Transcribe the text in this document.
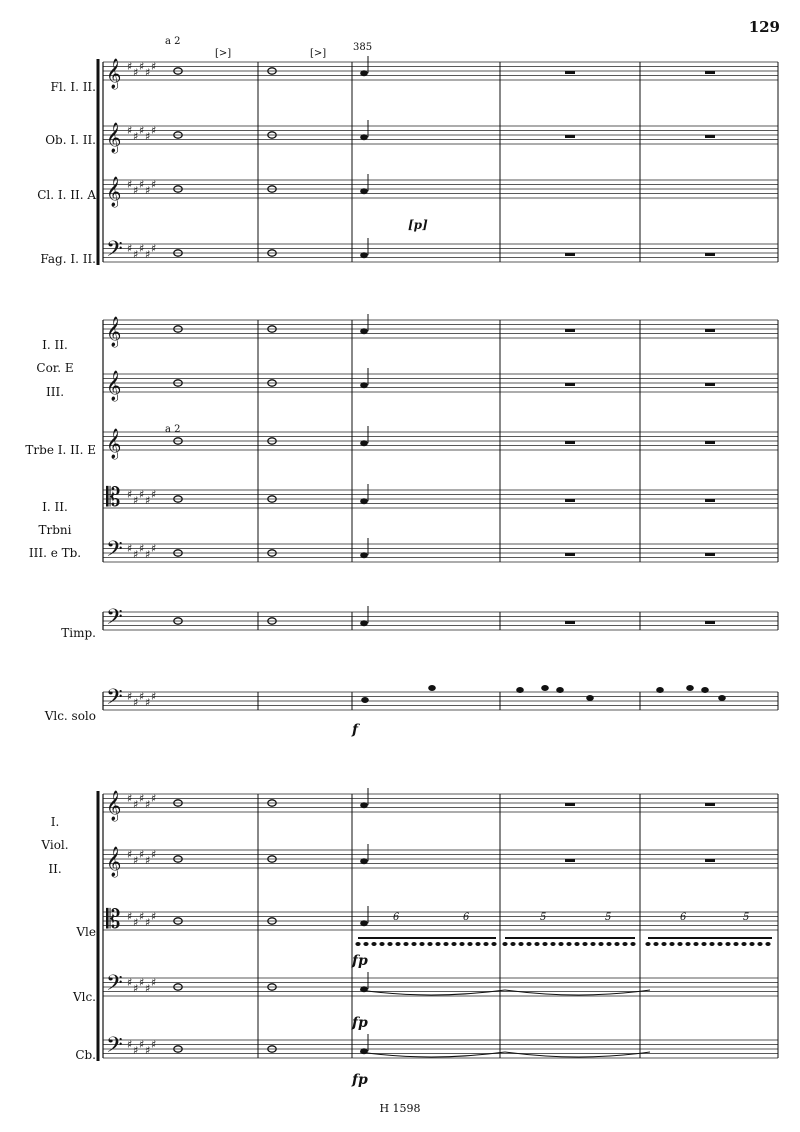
129
H 1598
385
Fl. I. II.
Ob. I. II.
Cl. I. II. A
Fag. I. II.
I. II.
Cor. E
III.
Trbe I. II. E
I. II.
Trbni
III. e Tb.
Timp.
Vlc. solo
I.
Viol.
II.
Vle
Vlc.
Cb.
a 2
[>]	[>]
a 2
[p]
f
fp
fp
fp
6	6	5	5	6	5
𝄞 ♯ ♯ ♯ ♯ ♯
𝄞 ♯ ♯ ♯ ♯ ♯
𝄞 ♯ ♯ ♯ ♯ ♯
𝄢 ♯ ♯ ♯ ♯ ♯
𝄞
𝄞
𝄞
𝄡 ♯ ♯ ♯ ♯ ♯
𝄢 ♯ ♯ ♯ ♯ ♯
𝄢
𝄢 ♯ ♯ ♯ ♯ ♯
𝄞 ♯ ♯ ♯ ♯ ♯
𝄞 ♯ ♯ ♯ ♯ ♯
𝄡 ♯ ♯ ♯ ♯ ♯
𝄢 ♯ ♯ ♯ ♯ ♯
𝄢 ♯ ♯ ♯ ♯ ♯
